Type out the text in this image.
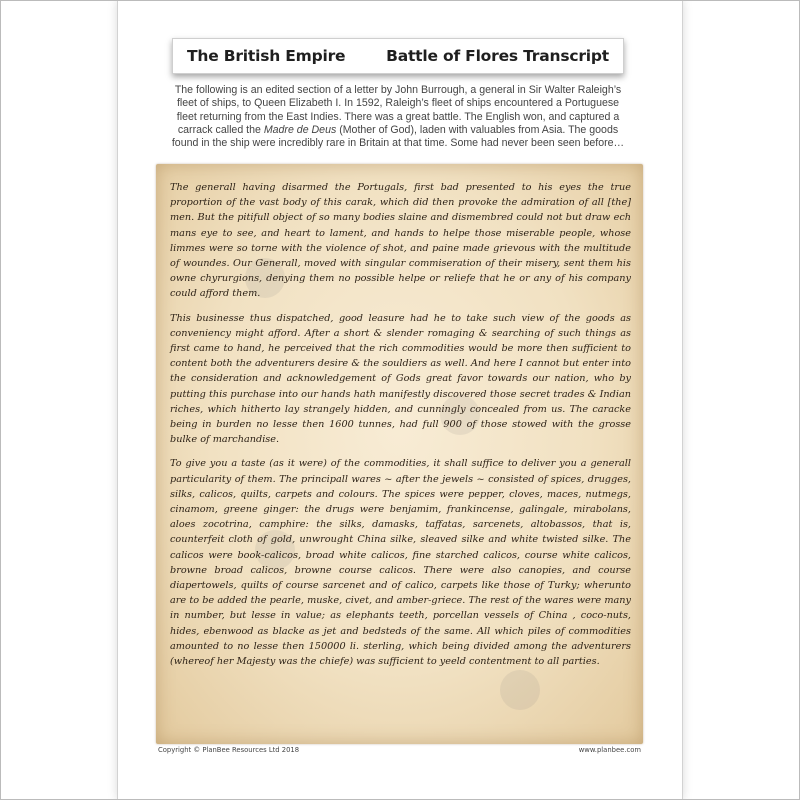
The British Empire	Battle of Flores Transcript
The following is an edited section of a letter by John Burrough, a general in Sir Walter Raleigh’s fleet of ships, to Queen Elizabeth I. In 1592, Raleigh’s fleet of ships encountered a Portuguese fleet returning from the East Indies. There was a great battle. The English won, and captured a carrack called the Madre de Deus (Mother of God), laden with valuables from Asia. The goods found in the ship were incredibly rare in Britain at that time. Some had never been seen before…

The generall having disarmed the Portugals, first bad presented to his eyes the true proportion of the vast body of this carak, which did then provoke the admiration of all [the] men. But the pitifull object of so many bodies slaine and dismembred could not but draw ech mans eye to see, and heart to lament, and hands to helpe those miserable people, whose limmes were so torne with the violence of shot, and paine made grievous with the multitude of woundes. Our Generall, moved with singular commiseration of their misery, sent them his owne chyrurgions, denying them no possible helpe or reliefe that he or any of his company could afford them.

This businesse thus dispatched, good leasure had he to take such view of the goods as conveniency might afford. After a short & slender romaging & searching of such things as first came to hand, he perceived that the rich commodities would be more then sufficient to content both the adventurers desire & the souldiers as well. And here I cannot but enter into the consideration and acknowledgement of Gods great favor towards our nation, who by putting this purchase into our hands hath manifestly discovered those secret trades & Indian riches, which hitherto lay strangely hidden, and cunningly concealed from us. The caracke being in burden no lesse then 1600 tunnes, had full 900 of those stowed with the grosse bulke of marchandise.

To give you a taste (as it were) of the commodities, it shall suffice to deliver you a generall particularity of them. The principall wares ~ after the jewels ~ consisted of spices, drugges, silks, calicos, quilts, carpets and colours. The spices were pepper, cloves, maces, nutmegs, cinamom, greene ginger: the drugs were benjamim, frankincense, galingale, mirabolans, aloes zocotrina, camphire: the silks, damasks, taffatas, sarcenets, altobassos, that is, counterfeit cloth of gold, unwrought China silke, sleaved silke and white twisted silke. The calicos were book-calicos, broad white calicos, fine starched calicos, course white calicos, browne broad calicos, browne course calicos. There were also canopies, and course diapertowels, quilts of course sarcenet and of calico, carpets like those of Turky; wherunto are to be added the pearle, muske, civet, and amber-griece. The rest of the wares were many in number, but lesse in value; as elephants teeth, porcellan vessels of China , coco-nuts, hides, ebenwood as blacke as jet and bedsteds of the same. All which piles of commodities amounted to no lesse then 150000 li. sterling, which being divided among the adventurers (whereof her Majesty was the chiefe) was sufficient to yeeld contentment to all parties.

Copyright © PlanBee Resources Ltd 2018	www.planbee.com
